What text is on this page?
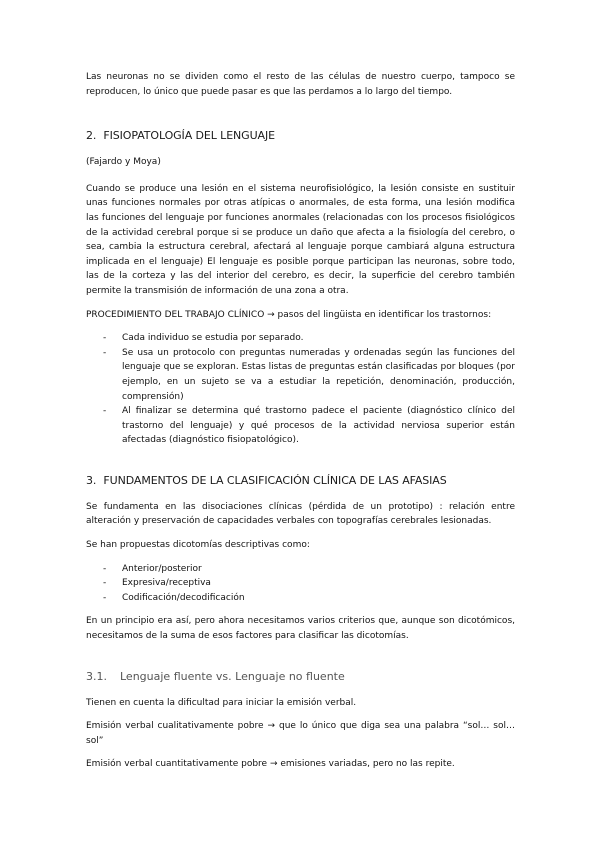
Las neuronas no se dividen como el resto de las células de nuestro cuerpo, tampoco se reproducen, lo único que puede pasar es que las perdamos a lo largo del tiempo.

2. FISIOPATOLOGÍA DEL LENGUAJE

(Fajardo y Moya)

Cuando se produce una lesión en el sistema neurofisiológico, la lesión consiste en sustituir unas funciones normales por otras atípicas o anormales, de esta forma, una lesión modifica las funciones del lenguaje por funciones anormales (relacionadas con los procesos fisiológicos de la actividad cerebral porque si se produce un daño que afecta a la fisiología del cerebro, o sea, cambia la estructura cerebral, afectará al lenguaje porque cambiará alguna estructura implicada en el lenguaje) El lenguaje es posible porque participan las neuronas, sobre todo, las de la corteza y las del interior del cerebro, es decir, la superficie del cerebro también permite la transmisión de información de una zona a otra.

PROCEDIMIENTO DEL TRABAJO CLÍNICO → pasos del lingüista en identificar los trastornos:

- Cada individuo se estudia por separado.
- Se usa un protocolo con preguntas numeradas y ordenadas según las funciones del lenguaje que se exploran. Estas listas de preguntas están clasificadas por bloques (por ejemplo, en un sujeto se va a estudiar la repetición, denominación, producción, comprensión)
- Al finalizar se determina qué trastorno padece el paciente (diagnóstico clínico del trastorno del lenguaje) y qué procesos de la actividad nerviosa superior están afectadas (diagnóstico fisiopatológico).
3. FUNDAMENTOS DE LA CLASIFICACIÓN CLÍNICA DE LAS AFASIAS

Se fundamenta en las disociaciones clínicas (pérdida de un prototipo) : relación entre alteración y preservación de capacidades verbales con topografías cerebrales lesionadas.

Se han propuestas dicotomías descriptivas como:

- Anterior/posterior
- Expresiva/receptiva
- Codificación/decodificación

En un principio era así, pero ahora necesitamos varios criterios que, aunque son dicotómicos, necesitamos de la suma de esos factores para clasificar las dicotomías.

3.1. Lenguaje fluente vs. Lenguaje no fluente

Tienen en cuenta la dificultad para iniciar la emisión verbal.

Emisión verbal cualitativamente pobre → que lo único que diga sea una palabra “sol… sol… sol”

Emisión verbal cuantitativamente pobre → emisiones variadas, pero no las repite.
